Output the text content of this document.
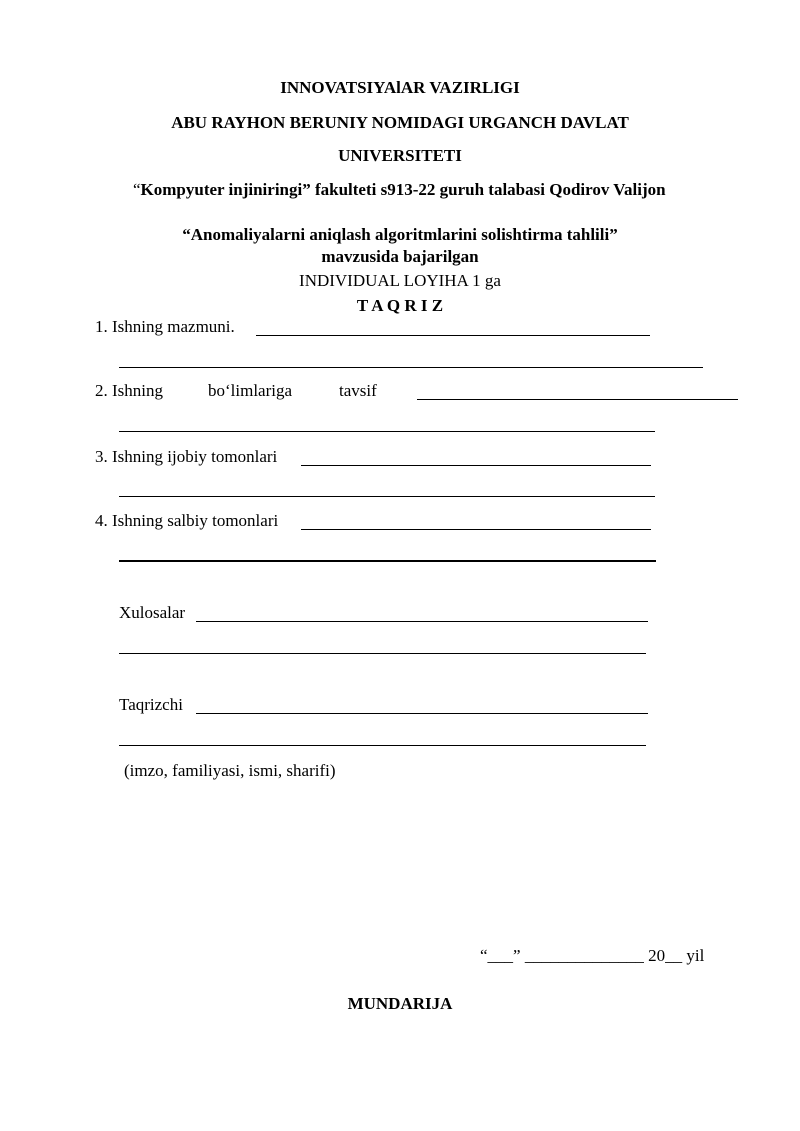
INNOVATSIYAlAR VAZIRLIGI
ABU RAYHON BERUNIY NOMIDAGI URGANCH DAVLAT
UNIVERSITETI
“Kompyuter injiniringi” fakulteti s913-22 guruh talabasi Qodirov Valijon
“Anomaliyalarni aniqlash algoritmlarini solishtirma tahlili”
mavzusida bajarilgan
INDIVIDUAL LOYIHA 1 ga
T A Q R I Z
1. Ishning mazmuni.
2. Ishning	bo‘limlariga	tavsif
3. Ishning ijobiy tomonlari
4. Ishning salbiy tomonlari
Xulosalar
Taqrizchi
(imzo, familiyasi, ismi, sharifi)
“___” ______________ 20__ yil
MUNDARIJA
